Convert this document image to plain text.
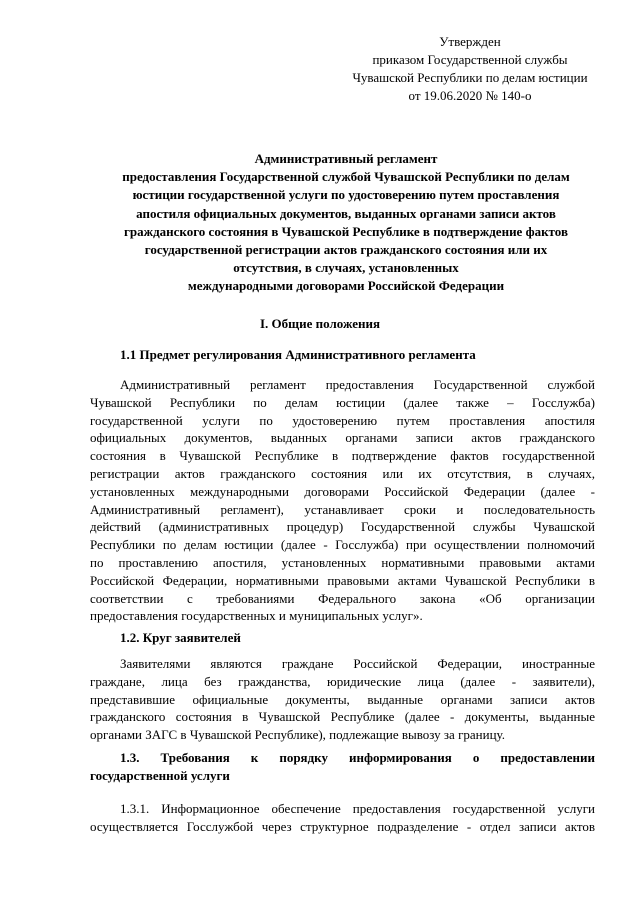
Утвержден
приказом Государственной службы
Чувашской Республики по делам юстиции
от 19.06.2020 № 140-о
Административный регламент
предоставления Государственной службой Чувашской Республики по делам
юстиции государственной услуги по удостоверению путем проставления
апостиля официальных документов, выданных органами записи актов
гражданского состояния в Чувашской Республике в подтверждение фактов
государственной регистрации актов гражданского состояния или их
отсутствия, в случаях, установленных
международными договорами Российской Федерации
I. Общие положения
1.1 Предмет регулирования Административного регламента
Административный регламент предоставления Государственной службой
Чувашской Республики по делам юстиции (далее также – Госслужба)
государственной услуги по удостоверению путем проставления апостиля
официальных документов, выданных органами записи актов гражданского
состояния в Чувашской Республике в подтверждение фактов государственной
регистрации актов гражданского состояния или их отсутствия, в случаях,
установленных международными договорами Российской Федерации (далее -
Административный регламент), устанавливает сроки и последовательность
действий (административных процедур) Государственной службы Чувашской
Республики по делам юстиции (далее - Госслужба) при осуществлении полномочий
по проставлению апостиля, установленных нормативными правовыми актами
Российской Федерации, нормативными правовыми актами Чувашской Республики в
соответствии с требованиями Федерального закона «Об организации
предоставления государственных и муниципальных услуг».
1.2. Круг заявителей
Заявителями являются граждане Российской Федерации, иностранные
граждане, лица без гражданства, юридические лица (далее - заявители),
представившие официальные документы, выданные органами записи актов
гражданского состояния в Чувашской Республике (далее - документы, выданные
органами ЗАГС в Чувашской Республике), подлежащие вывозу за границу.
1.3. Требования к порядку информирования о предоставлении
государственной услуги
1.3.1. Информационное обеспечение предоставления государственной услуги
осуществляется Госслужбой через структурное подразделение - отдел записи актов
